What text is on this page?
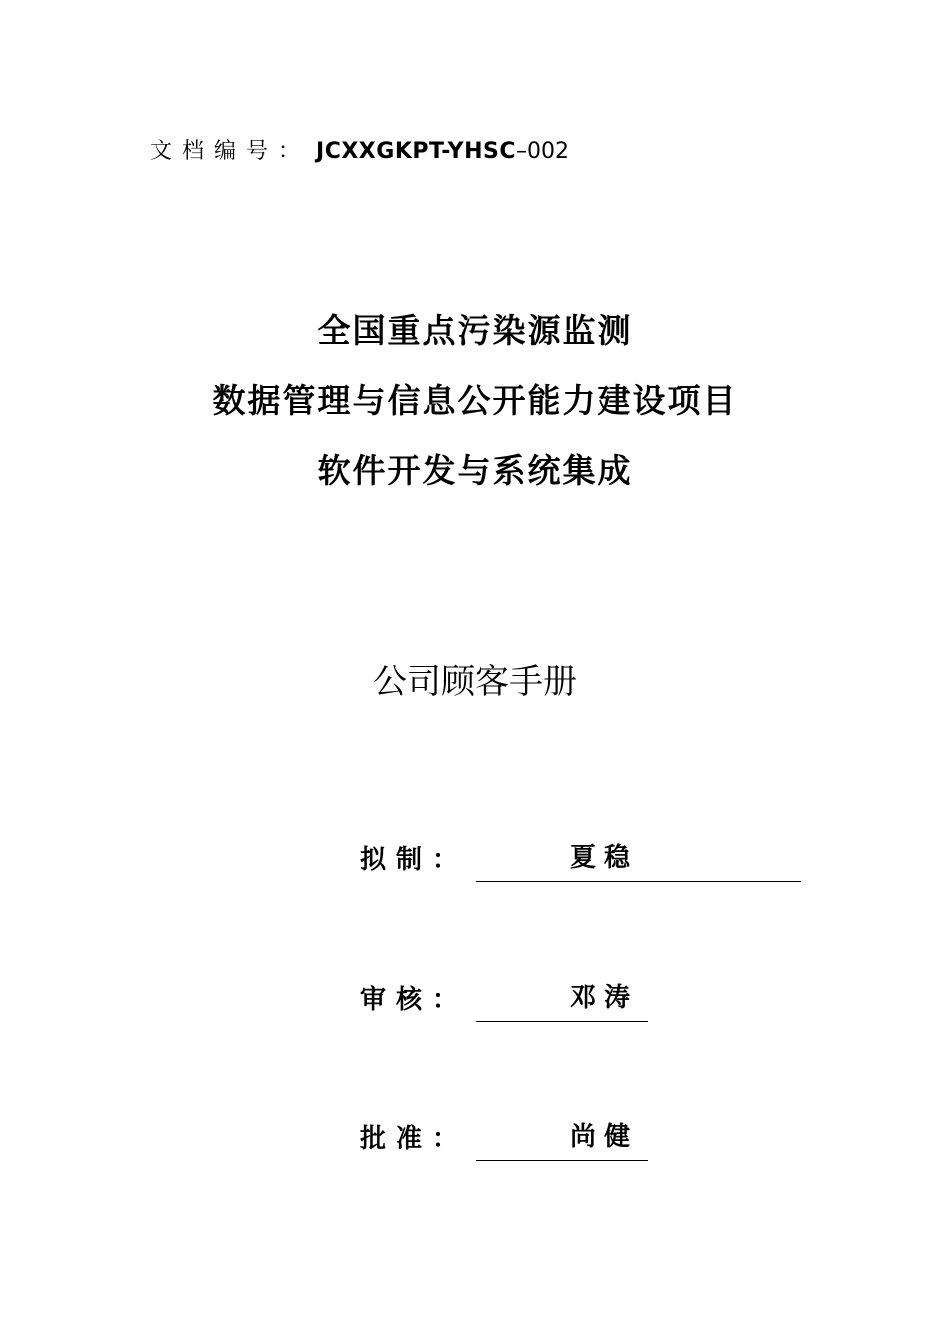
文档编号： JCXXGKPT-YHSC–002
全国重点污染源监测
数据管理与信息公开能力建设项目
软件开发与系统集成
公司顾客手册
拟制：	夏稳
审核：	邓涛
批准：	尚健
